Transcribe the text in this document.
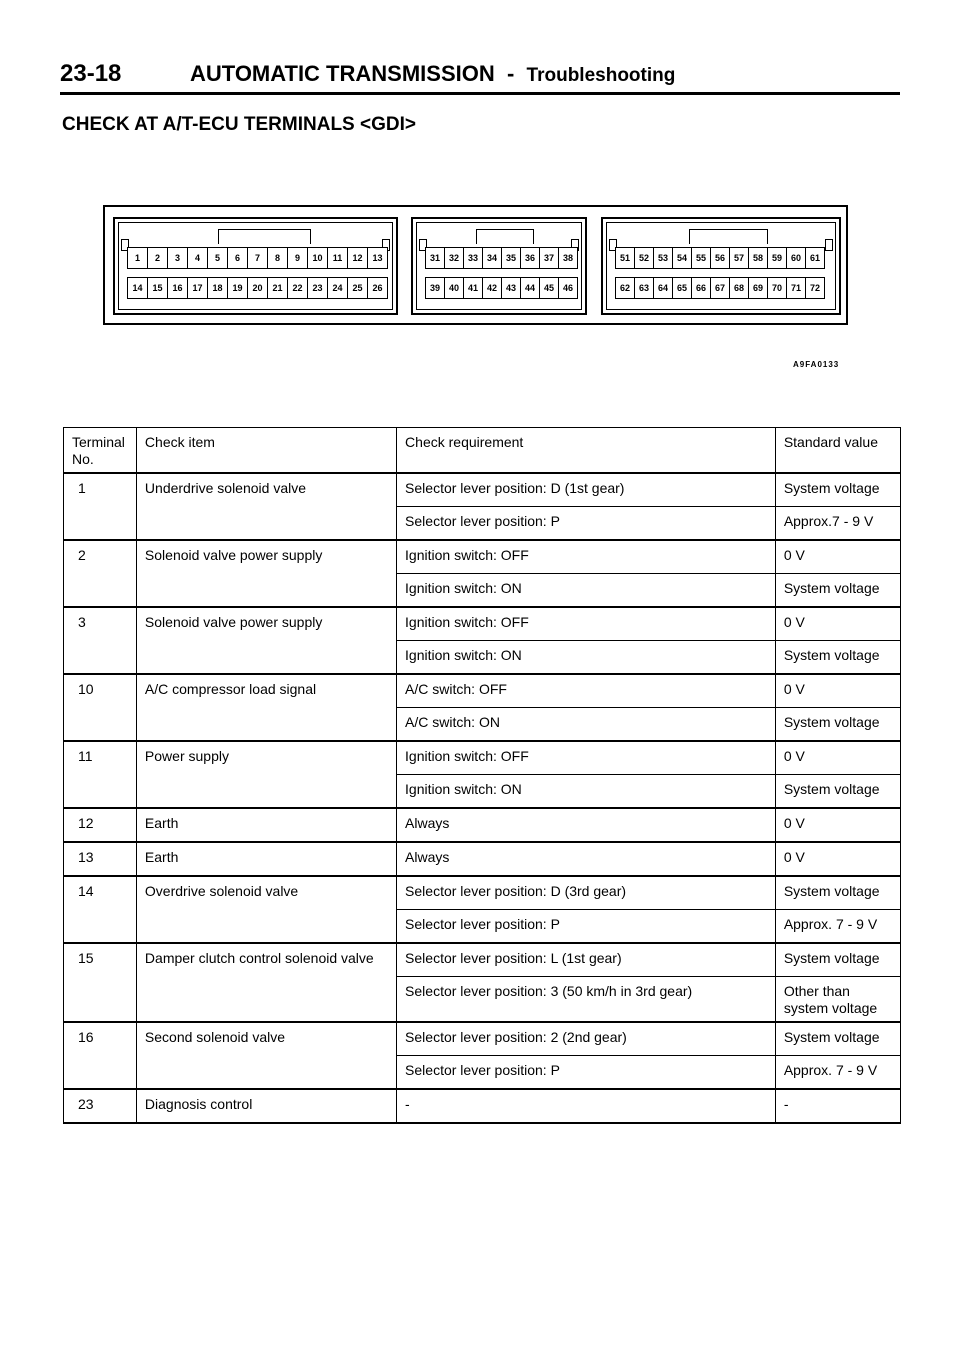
23-18	AUTOMATIC TRANSMISSION - Troubleshooting
CHECK AT A/T-ECU TERMINALS <GDI>
1	2	3	4	5	6	7	8	9	10	11	12	13
14	15	16	17	18	19	20	21	22	23	24	25	26
31 32 33 34 35 36 37 38
39 40 41 42 43 44 45 46
51 52 53 54 55 56 57 58 59 60 61
62 63 64 65 66 67 68 69 70 71 72
A9FA0133
Terminal No.	Check item	Check requirement	Standard value
1	Underdrive solenoid valve	Selector lever position: D (1st gear)	System voltage
		Selector lever position: P	Approx.7 - 9 V
2	Solenoid valve power supply	Ignition switch: OFF	0 V
		Ignition switch: ON	System voltage
3	Solenoid valve power supply	Ignition switch: OFF	0 V
		Ignition switch: ON	System voltage
10	A/C compressor load signal	A/C switch: OFF	0 V
		A/C switch: ON	System voltage
11	Power supply	Ignition switch: OFF	0 V
		Ignition switch: ON	System voltage
12	Earth	Always	0 V
13	Earth	Always	0 V
14	Overdrive solenoid valve	Selector lever position: D (3rd gear)	System voltage
		Selector lever position: P	Approx. 7 - 9 V
15	Damper clutch control solenoid valve	Selector lever position: L (1st gear)	System voltage
		Selector lever position: 3 (50 km/h in 3rd gear)	Other than system voltage
16	Second solenoid valve	Selector lever position: 2 (2nd gear)	System voltage
		Selector lever position: P	Approx. 7 - 9 V
23	Diagnosis control	-	-
